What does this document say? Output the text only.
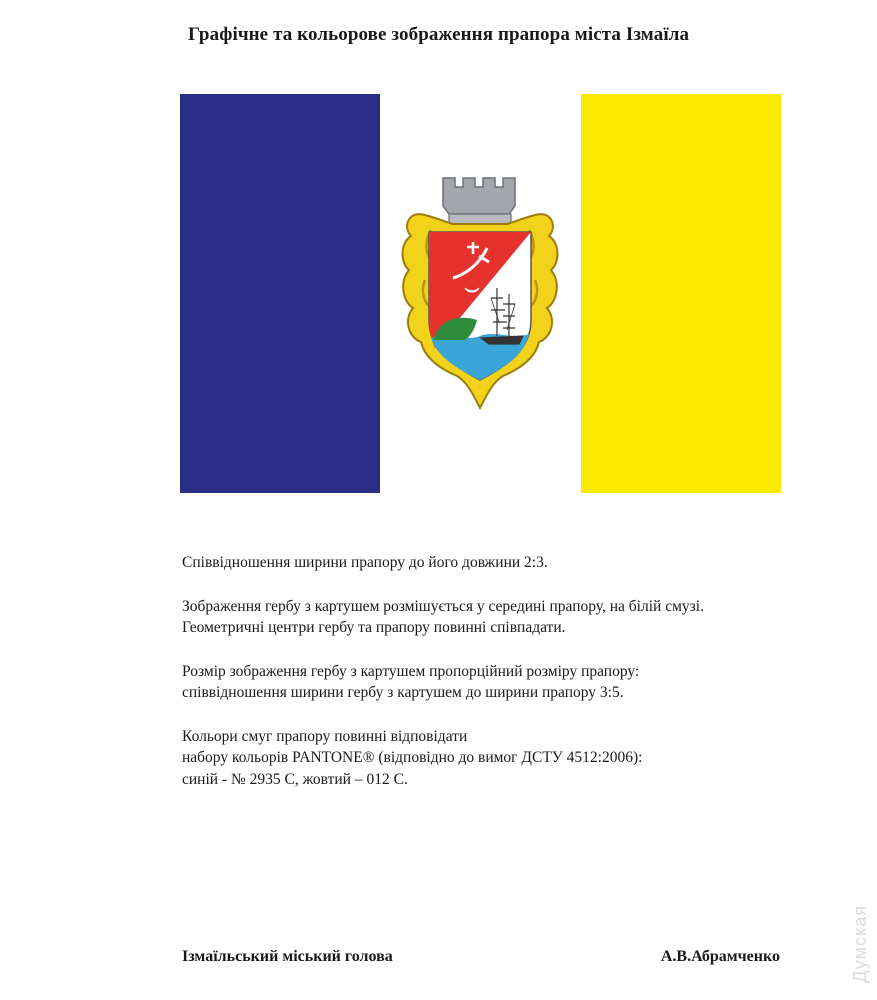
Графічне та кольорове зображення прапора міста Ізмаїла

Співвідношення ширини прапору до його довжини 2:3.

Зображення гербу з картушем розмішується у середині прапору, на білій смузі.
Геометричні центри гербу та прапору повинні співпадати.

Розмір зображення гербу з картушем пропорційний розміру прапору:
співвідношення ширини гербу з картушем до ширини прапору 3:5.

Кольори смуг прапору повинні відповідати
набору кольорів PANTONE® (відповідно до вимог ДСТУ 4512:2006):
синій - № 2935 С, жовтий – 012 С.

Ізмаїльський міський голова	А.В.Абрамченко	Думская
